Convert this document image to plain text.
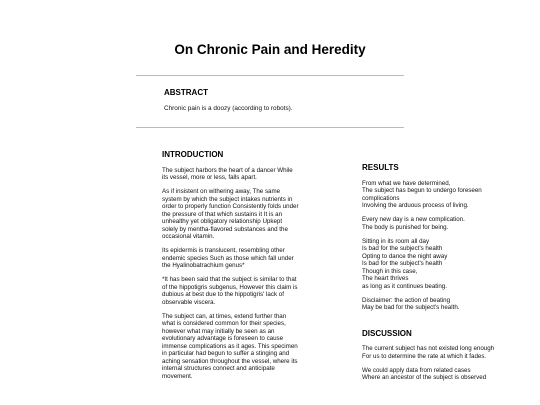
On Chronic Pain and Heredity
ABSTRACT
Chronic pain is a doozy (according to robots).
INTRODUCTION

The subject harbors the heart of a dancer While
its vessel, more or less, falls apart.

As if insistent on withering away, The same
system by which the subject intakes nutrients in
order to properly function Consistently folds under
the pressure of that which sustains it It is an
unhealthy yet obligatory relationship Upkept
solely by mentha-flavored substances and the
occasional vitamin.

Its epidermis is translucent, resembling other
endemic species Such as those which fall under
the Hyalinobatrachium genus*

*It has been said that the subject is similar to that
of the hippotigris subgenus, However this claim is
dubious at best due to the hippotigris' lack of
observable viscera.

The subject can, at times, extend further than
what is considered common for their species,
however what may initially be seen as an
evolutionary advantage is foreseen to cause
immense complications as it ages. This specimen
in particular had begun to suffer a stinging and
aching sensation throughout the vessel, where its
internal structures connect and anticipate
movement.

RESULTS

From what we have determined,
The subject has begun to undergo foreseen
complications
Involving the arduous process of living.

Every new day is a new complication.
The body is punished for being.

Sitting in its room all day
Is bad for the subject's health
Opting to dance the night away
Is bad for the subject's health
Though in this case,
The heart thrives
as long as it continues beating.

Disclaimer: the action of beating
May be bad for the subject's health.

DISCUSSION

The current subject has not existed long enough
For us to determine the rate at which it fades.

We could apply data from related cases
Where an ancestor of the subject is observed
